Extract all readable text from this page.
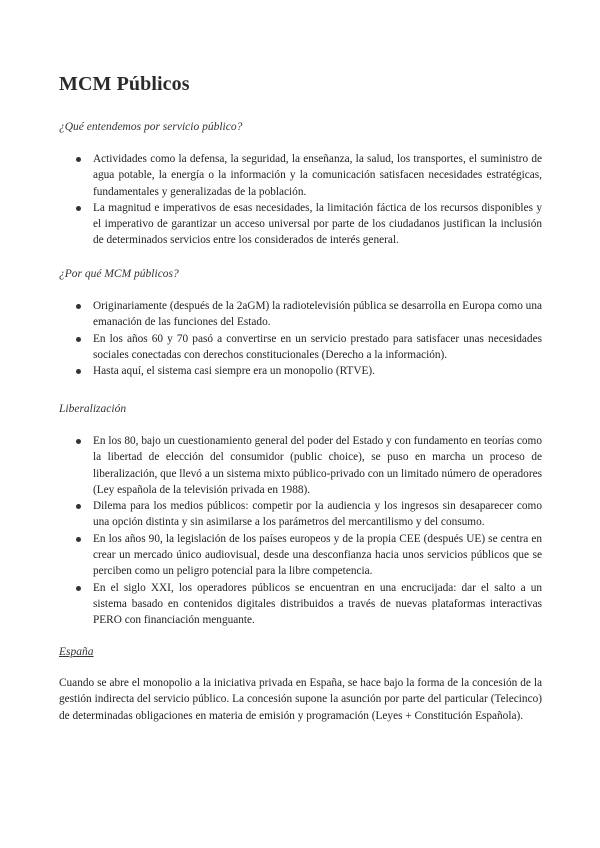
MCM Públicos

¿Qué entendemos por servicio público?

Actividades como la defensa, la seguridad, la enseñanza, la salud, los transportes, el suministro de agua potable, la energía o la información y la comunicación satisfacen necesidades estratégicas, fundamentales y generalizadas de la población.
La magnitud e imperativos de esas necesidades, la limitación fáctica de los recursos disponibles y el imperativo de garantizar un acceso universal por parte de los ciudadanos justifican la inclusión de determinados servicios entre los considerados de interés general.

¿Por qué MCM públicos?

Originariamente (después de la 2aGM) la radiotelevisión pública se desarrolla en Europa como una emanación de las funciones del Estado.
En los años 60 y 70 pasó a convertirse en un servicio prestado para satisfacer unas necesidades sociales conectadas con derechos constitucionales (Derecho a la información).
Hasta aquí, el sistema casi siempre era un monopolio (RTVE).

Liberalización

En los 80, bajo un cuestionamiento general del poder del Estado y con fundamento en teorías como la libertad de elección del consumidor (public choice), se puso en marcha un proceso de liberalización, que llevó a un sistema mixto público-privado con un limitado número de operadores (Ley española de la televisión privada en 1988).
Dilema para los medios públicos: competir por la audiencia y los ingresos sin desaparecer como una opción distinta y sin asimilarse a los parámetros del mercantilismo y del consumo.
En los años 90, la legislación de los países europeos y de la propia CEE (después UE) se centra en crear un mercado único audiovisual, desde una desconfianza hacia unos servicios públicos que se perciben como un peligro potencial para la libre competencia.
En el siglo XXI, los operadores públicos se encuentran en una encrucijada: dar el salto a un sistema basado en contenidos digitales distribuidos a través de nuevas plataformas interactivas PERO con financiación menguante.

España

Cuando se abre el monopolio a la iniciativa privada en España, se hace bajo la forma de la concesión de la gestión indirecta del servicio público. La concesión supone la asunción por parte del particular (Telecinco) de determinadas obligaciones en materia de emisión y programación (Leyes + Constitución Española).
